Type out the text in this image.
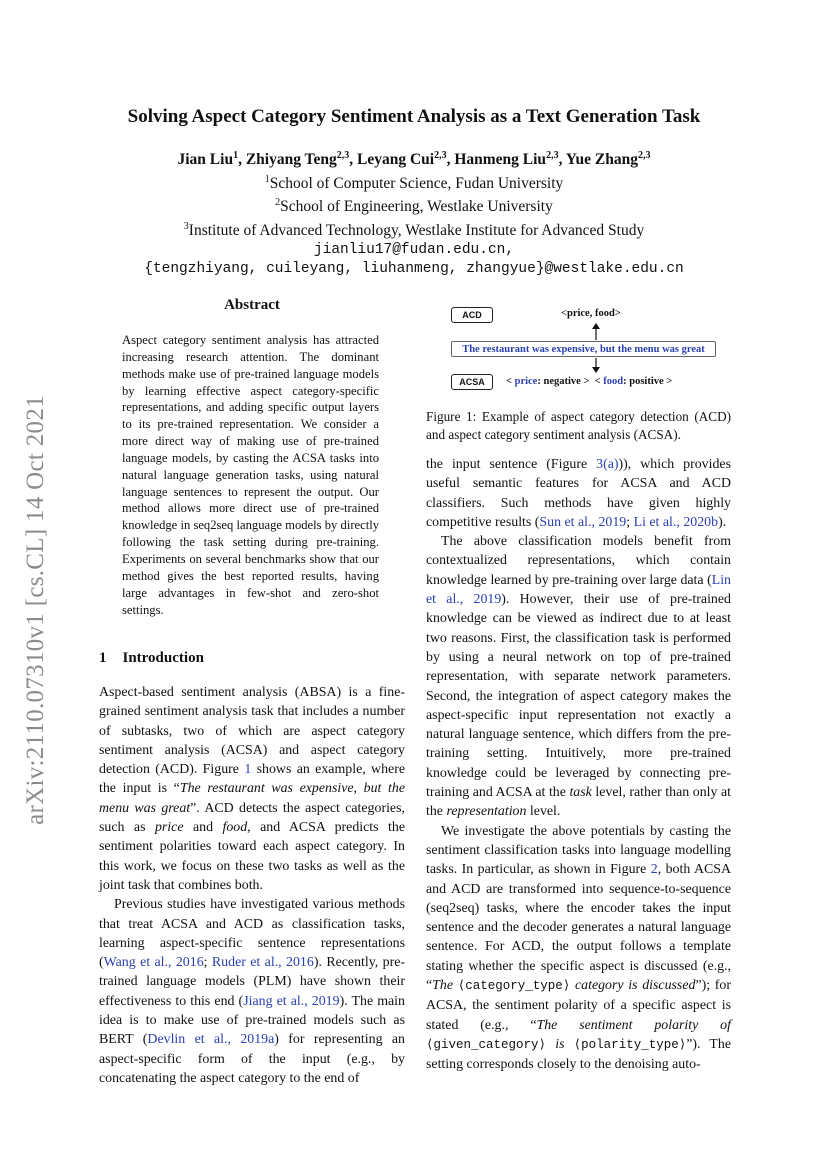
arXiv:2110.07310v1 [cs.CL] 14 Oct 2021
Solving Aspect Category Sentiment Analysis as a Text Generation Task
Jian Liu$^1$, Zhiyang Teng$^{2,3}$, Leyang Cui$^{2,3}$, Hanmeng Liu$^{2,3}$, Yue Zhang$^{2,3}$
$^1$School of Computer Science, Fudan University
$^2$School of Engineering, Westlake University
$^3$Institute of Advanced Technology, Westlake Institute for Advanced Study
jianliu17@fudan.edu.cn,
{tengzhiyang, cuileyang, liuhanmeng, zhangyue}@westlake.edu.cn
Abstract
Aspect category sentiment analysis has attracted increasing research attention. The dominant methods make use of pre-trained language models by learning effective aspect category-specific representations, and adding specific output layers to its pre-trained representation. We consider a more direct way of making use of pre-trained language models, by casting the ACSA tasks into natural language generation tasks, using natural language sentences to represent the output. Our method allows more direct use of pre-trained knowledge in seq2seq language models by directly following the task setting during pre-training. Experiments on several benchmarks show that our method gives the best reported results, having large advantages in few-shot and zero-shot settings.
1 Introduction

Aspect-based sentiment analysis (ABSA) is a fine-grained sentiment analysis task that includes a number of subtasks, two of which are aspect category sentiment analysis (ACSA) and aspect category detection (ACD). Figure 1 shows an example, where the input is “The restaurant was expensive, but the menu was great”. ACD detects the aspect categories, such as price and food, and ACSA predicts the sentiment polarities toward each aspect category. In this work, we focus on these two tasks as well as the joint task that combines both.

Previous studies have investigated various methods that treat ACSA and ACD as classification tasks, learning aspect-specific sentence representations (Wang et al., 2016; Ruder et al., 2016). Recently, pre-trained language models (PLM) have shown their effectiveness to this end (Jiang et al., 2019). The main idea is to make use of pre-trained models such as BERT (Devlin et al., 2019a) for representing an aspect-specific form of the input (e.g., by concatenating the aspect category to the end of

ACD	<price, food>
The restaurant was expensive, but the menu was great
ACSA	< price: negative >  < food: positive >
Figure 1: Example of aspect category detection (ACD) and aspect category sentiment analysis (ACSA).

the input sentence (Figure 3(a))), which provides useful semantic features for ACSA and ACD classifiers. Such methods have given highly competitive results (Sun et al., 2019; Li et al., 2020b).

The above classification models benefit from contextualized representations, which contain knowledge learned by pre-training over large data (Lin et al., 2019). However, their use of pre-trained knowledge can be viewed as indirect due to at least two reasons. First, the classification task is performed by using a neural network on top of pre-trained representation, with separate network parameters. Second, the integration of aspect category makes the aspect-specific input representation not exactly a natural language sentence, which differs from the pre-training setting. Intuitively, more pre-trained knowledge could be leveraged by connecting pre-training and ACSA at the task level, rather than only at the representation level.

We investigate the above potentials by casting the sentiment classification tasks into language modelling tasks. In particular, as shown in Figure 2, both ACSA and ACD are transformed into sequence-to-sequence (seq2seq) tasks, where the encoder takes the input sentence and the decoder generates a natural language sentence. For ACD, the output follows a template stating whether the specific aspect is discussed (e.g., “The ⟨category_type⟩ category is discussed”); for ACSA, the sentiment polarity of a specific aspect is stated (e.g., “The sentiment polarity of ⟨given_category⟩ is ⟨polarity_type⟩”). The setting corresponds closely to the denoising auto-
